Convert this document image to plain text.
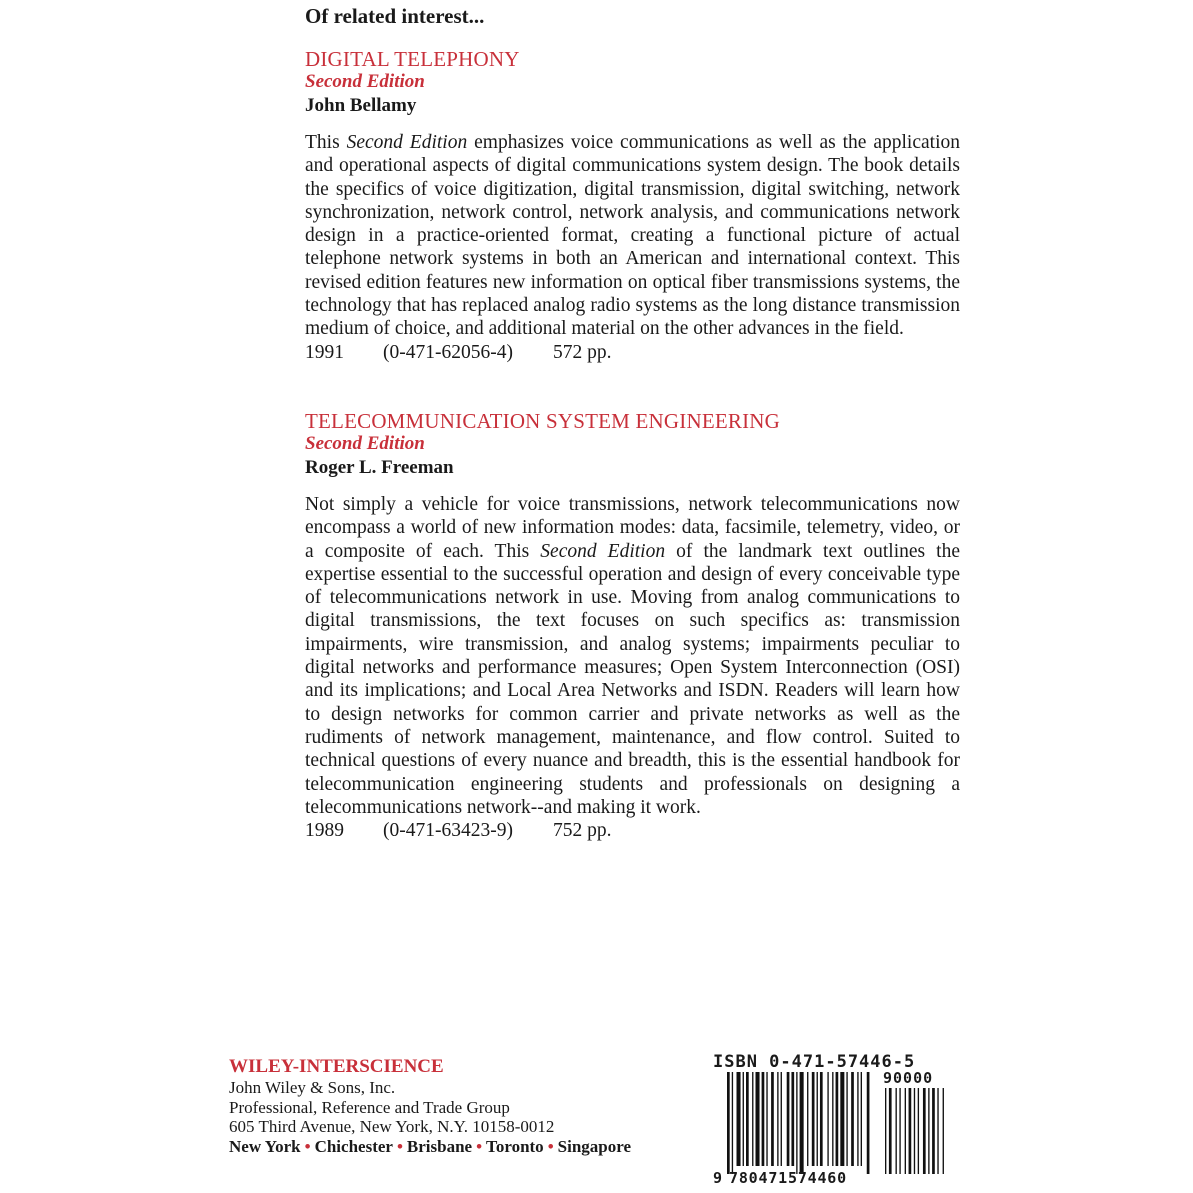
Of related interest...

DIGITAL TELEPHONY

Second Edition

John Bellamy

This Second Edition emphasizes voice communications as well as the application and operational aspects of digital communications system design. The book details the specifics of voice digitization, digital transmission, digital switching, network synchronization, network control, network analysis, and communications network design in a practice-oriented format, creating a functional picture of actual telephone network systems in both an American and international context. This revised edition features new information on optical fiber transmissions systems, the technology that has replaced analog radio systems as the long distance transmission medium of choice, and additional material on the other advances in the field.

1991 (0-471-62056-4) 572 pp.

TELECOMMUNICATION SYSTEM ENGINEERING

Second Edition

Roger L. Freeman

Not simply a vehicle for voice transmissions, network telecommunications now encompass a world of new information modes: data, facsimile, telemetry, video, or a composite of each. This Second Edition of the landmark text outlines the expertise essential to the successful operation and design of every conceivable type of telecommunications network in use. Moving from analog communications to digital transmissions, the text focuses on such specifics as: transmission impairments, wire transmission, and analog systems; impairments peculiar to digital networks and performance measures; Open System Interconnection (OSI) and its implications; and Local Area Networks and ISDN. Readers will learn how to design networks for common carrier and private networks as well as the rudiments of network management, maintenance, and flow control. Suited to technical questions of every nuance and breadth, this is the essential handbook for telecommunication engineering students and professionals on designing a telecommunications network--and making it work.

1989 (0-471-63423-9) 752 pp.

WILEY-INTERSCIENCE

John Wiley & Sons, Inc.

Professional, Reference and Trade Group

605 Third Avenue, New York, N.Y. 10158-0012

New York • Chichester • Brisbane • Toronto • Singapore

ISBN 0-471-57446-5

90000

9 780471574460
